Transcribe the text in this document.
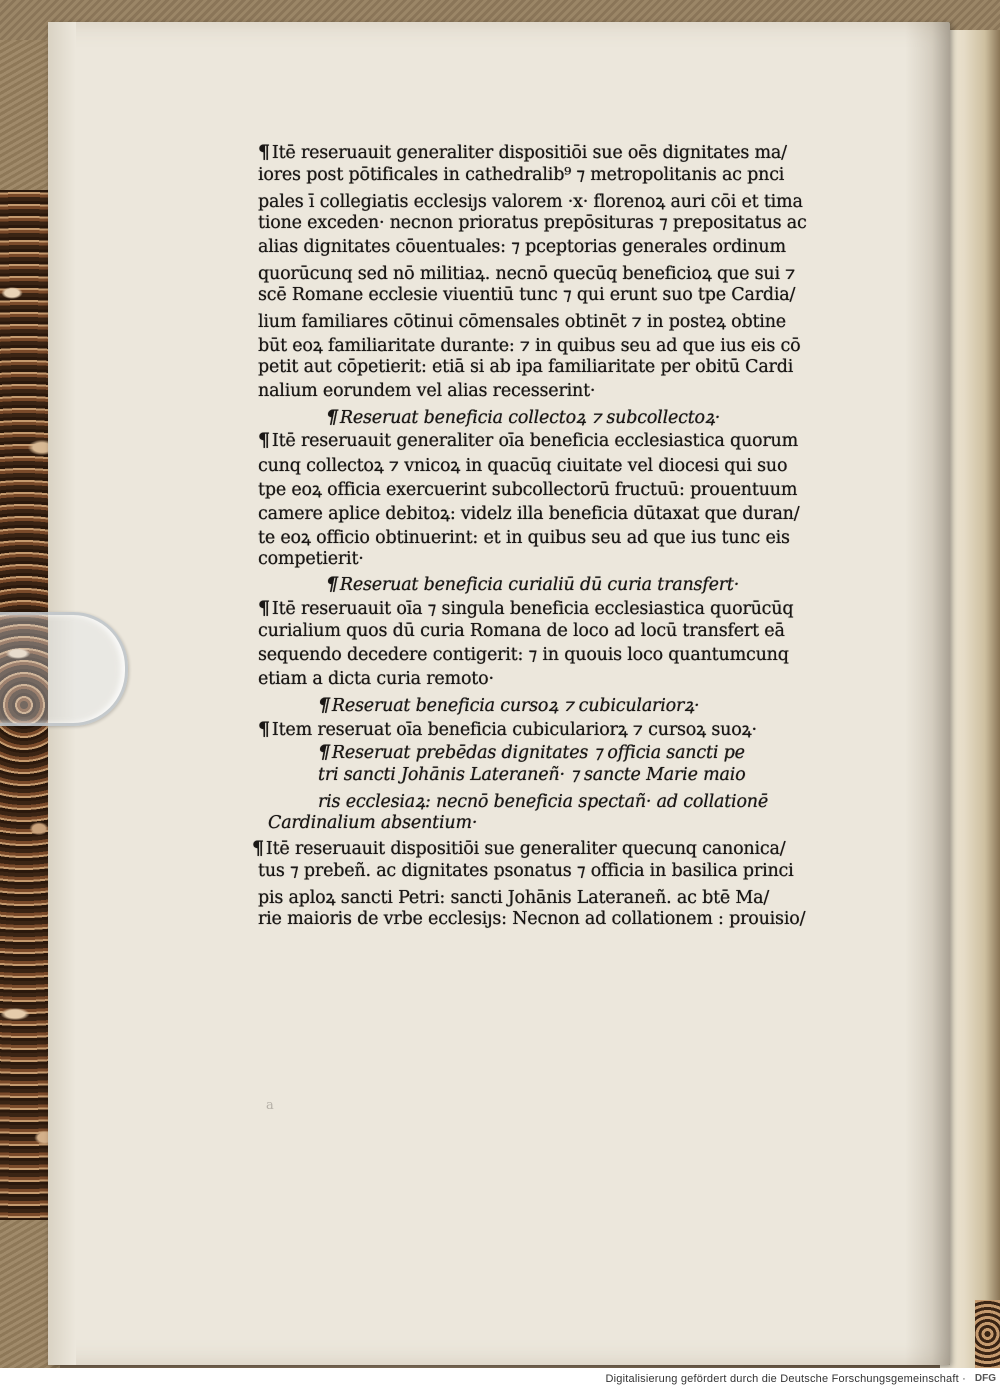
¶ Itē reseruauit generaliter dispositiōi sue oēs dignitates ma/
iores post pōtificales in cathedralib⁹ ⁊ metropolitanis ac pnci
pales ī collegiatis ecclesiȷs valorem ·x· florenoꝝ auri cōi et tima
tione exceden· necnon prioratus prepōsituras ⁊ prepositatus ac
alias dignitates cōuentuales: ⁊ pceptorias generales ordinum
quorūcunq sed nō militiaꝝ. necnō quecūq beneficioꝝ que sui ⁊
scē Romane ecclesie viuentiū tunc ⁊ qui erunt suo tpe Cardia/
lium familiares cōtinui cōmensales obtinēt ⁊ in posteꝝ obtine
būt eoꝝ familiaritate durante: ⁊ in quibus seu ad que ius eis cō
petit aut cōpetierit: etiā si ab ipa familiaritate per obitū Cardi
nalium eorundem vel alias recesserint·
¶ Reseruat beneficia collectoꝝ ⁊ subcollectoꝝ·
¶ Itē reseruauit generaliter oīa beneficia ecclesiastica quorum
cunq collectoꝝ ⁊ vnicoꝝ in quacūq ciuitate vel diocesi qui suo
tpe eoꝝ officia exercuerint subcollectorū fructuū: prouentuum
camere aplice debitoꝝ: videlz illa beneficia dūtaxat que duran/
te eoꝝ officio obtinuerint: et in quibus seu ad que ius tunc eis
competierit·
¶ Reseruat beneficia curialiū dū curia transfert·
¶ Itē reseruauit oīa ⁊ singula beneficia ecclesiastica quorūcūq
curialium quos dū curia Romana de loco ad locū transfert eā
sequendo decedere contigerit: ⁊ in quouis loco quantumcunq
etiam a dicta curia remoto·
¶ Reseruat beneficia cursoꝝ ⁊ cubiculariorꝝ·
¶ Item reseruat oīa beneficia cubiculariorꝝ ⁊ cursoꝝ suoꝝ·
¶ Reseruat prebēdas dignitates ⁊ officia sancti pe
tri sancti Johānis Lateraneñ· ⁊ sancte Marie maio
ris ecclesiaꝝ: necnō beneficia spectañ· ad collationē
Cardinalium absentium·
¶ Itē reseruauit dispositiōi sue generaliter quecunq canonica/
tus ⁊ prebeñ. ac dignitates psonatus ⁊ officia in basilica princi
pis aploꝝ sancti Petri: sancti Johānis Lateraneñ. ac btē Ma/
rie maioris de vrbe ecclesiȷs: Necnon ad collationem : prouisio/
a
Digitalisierung gefördert durch die Deutsche Forschungsgemeinschaft · DFG
